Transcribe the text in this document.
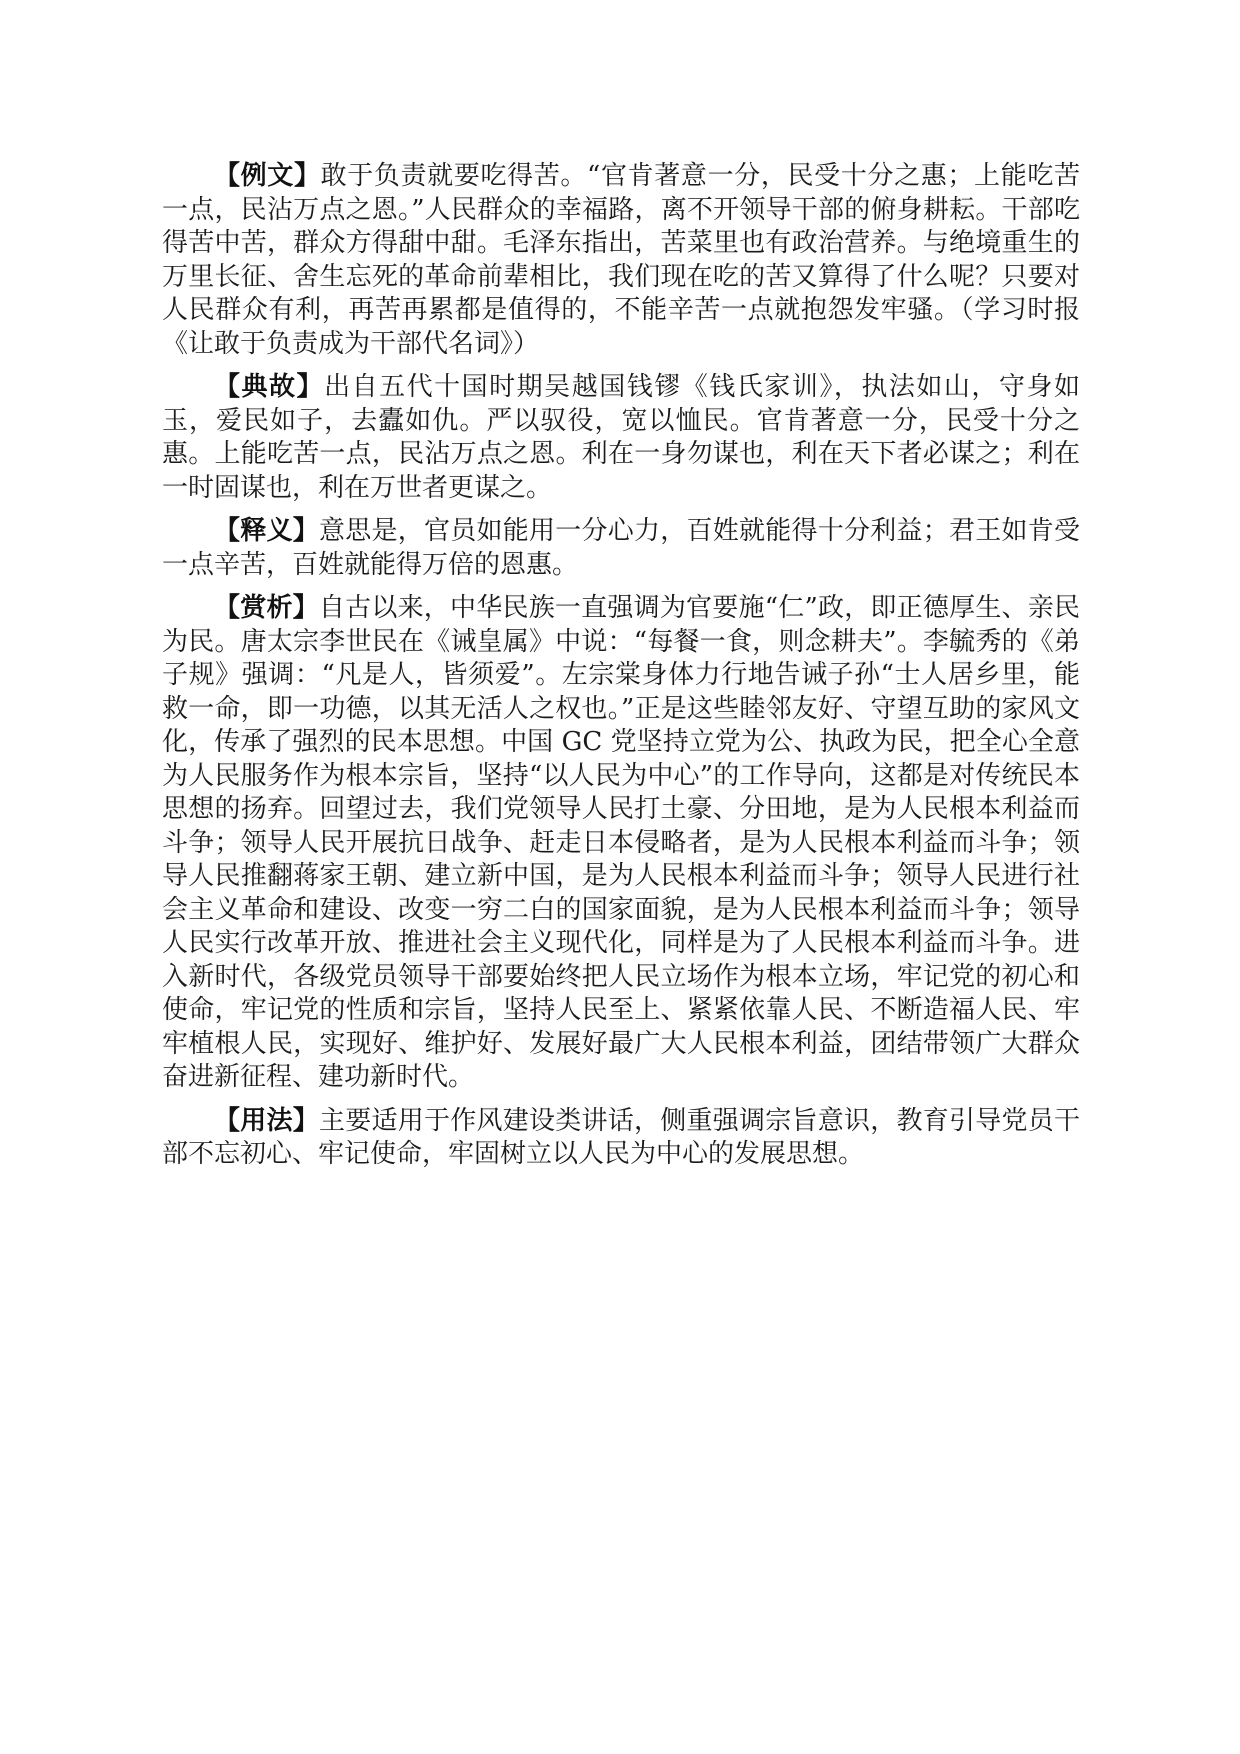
【例文】敢于负责就要吃得苦。“官肯著意一分，民受十分之惠；上能吃苦一点，民沾万点之恩。”人民群众的幸福路，离不开领导干部的俯身耕耘。干部吃得苦中苦，群众方得甜中甜。毛泽东指出，苦菜里也有政治营养。与绝境重生的万里长征、舍生忘死的革命前辈相比，我们现在吃的苦又算得了什么呢？只要对人民群众有利，再苦再累都是值得的，不能辛苦一点就抱怨发牢骚。（学习时报《让敢于负责成为干部代名词》）

【典故】出自五代十国时期吴越国钱镠《钱氏家训》，执法如山，守身如玉，爱民如子，去蠹如仇。严以驭役，宽以恤民。官肯著意一分，民受十分之惠。上能吃苦一点，民沾万点之恩。利在一身勿谋也，利在天下者必谋之；利在一时固谋也，利在万世者更谋之。

【释义】意思是，官员如能用一分心力，百姓就能得十分利益；君王如肯受一点辛苦，百姓就能得万倍的恩惠。

【赏析】自古以来，中华民族一直强调为官要施“仁”政，即正德厚生、亲民为民。唐太宗李世民在《诫皇属》中说：“每餐一食，则念耕夫”。李毓秀的《弟子规》强调：“凡是人，皆须爱”。左宗棠身体力行地告诫子孙“士人居乡里，能救一命，即一功德，以其无活人之权也。”正是这些睦邻友好、守望互助的家风文化，传承了强烈的民本思想。中国 GC 党坚持立党为公、执政为民，把全心全意为人民服务作为根本宗旨，坚持“以人民为中心”的工作导向，这都是对传统民本思想的扬弃。回望过去，我们党领导人民打土豪、分田地，是为人民根本利益而斗争；领导人民开展抗日战争、赶走日本侵略者，是为人民根本利益而斗争；领导人民推翻蒋家王朝、建立新中国，是为人民根本利益而斗争；领导人民进行社会主义革命和建设、改变一穷二白的国家面貌，是为人民根本利益而斗争；领导人民实行改革开放、推进社会主义现代化，同样是为了人民根本利益而斗争。进入新时代，各级党员领导干部要始终把人民立场作为根本立场，牢记党的初心和使命，牢记党的性质和宗旨，坚持人民至上、紧紧依靠人民、不断造福人民、牢牢植根人民，实现好、维护好、发展好最广大人民根本利益，团结带领广大群众奋进新征程、建功新时代。

【用法】主要适用于作风建设类讲话，侧重强调宗旨意识，教育引导党员干部不忘初心、牢记使命，牢固树立以人民为中心的发展思想。
